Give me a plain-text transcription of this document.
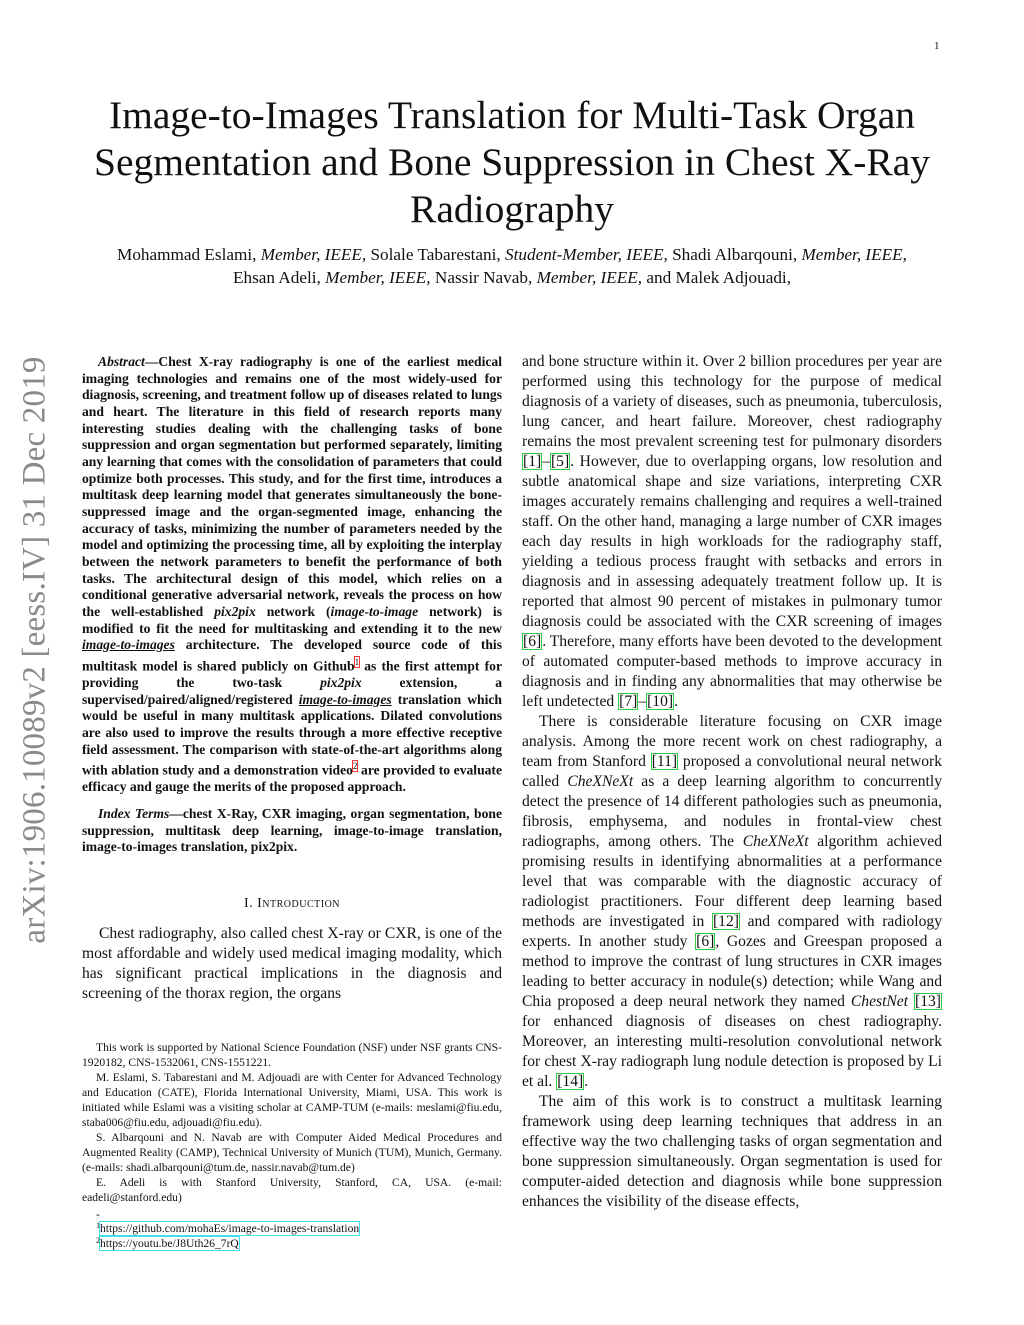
1
arXiv:1906.10089v2 [eess.IV] 31 Dec 2019
Image-to-Images Translation for Multi-Task Organ Segmentation and Bone Suppression in Chest X-Ray Radiography
Mohammad Eslami, Member, IEEE, Solale Tabarestani, Student-Member, IEEE, Shadi Albarqouni, Member, IEEE,
Ehsan Adeli, Member, IEEE, Nassir Navab, Member, IEEE, and Malek Adjouadi,

Abstract—Chest X-ray radiography is one of the earliest medical imaging technologies and remains one of the most widely-used for diagnosis, screening, and treatment follow up of diseases related to lungs and heart. The literature in this field of research reports many interesting studies dealing with the challenging tasks of bone suppression and organ segmentation but performed separately, limiting any learning that comes with the consolidation of parameters that could optimize both processes. This study, and for the first time, introduces a multitask deep learning model that generates simultaneously the bone-suppressed image and the organ-segmented image, enhancing the accuracy of tasks, minimizing the number of parameters needed by the model and optimizing the processing time, all by exploiting the interplay between the network parameters to benefit the performance of both tasks. The architectural design of this model, which relies on a conditional generative adversarial network, reveals the process on how the well-established pix2pix network (image-to-image network) is modified to fit the need for multitasking and extending it to the new image-to-images architecture. The developed source code of this multitask model is shared publicly on Github$^1$ as the first attempt for providing the two-task pix2pix extension, a supervised/paired/aligned/registered image-to-images translation which would be useful in many multitask applications. Dilated convolutions are also used to improve the results through a more effective receptive field assessment. The comparison with state-of-the-art algorithms along with ablation study and a demonstration video$^2$ are provided to evaluate efficacy and gauge the merits of the proposed approach.

Index Terms—chest X-Ray, CXR imaging, organ segmentation, bone suppression, multitask deep learning, image-to-image translation, image-to-images translation, pix2pix.

I. Introduction

Chest radiography, also called chest X-ray or CXR, is one of the most affordable and widely used medical imaging modality, which has significant practical implications in the diagnosis and screening of the thorax region, the organs

and bone structure within it. Over 2 billion procedures per year are performed using this technology for the purpose of medical diagnosis of a variety of diseases, such as pneumonia, tuberculosis, lung cancer, and heart failure. Moreover, chest radiography remains the most prevalent screening test for pulmonary disorders [1]–[5]. However, due to overlapping organs, low resolution and subtle anatomical shape and size variations, interpreting CXR images accurately remains challenging and requires a well-trained staff. On the other hand, managing a large number of CXR images each day results in high workloads for the radiography staff, yielding a tedious process fraught with setbacks and errors in diagnosis and in assessing adequately treatment follow up. It is reported that almost 90 percent of mistakes in pulmonary tumor diagnosis could be associated with the CXR screening of images [6]. Therefore, many efforts have been devoted to the development of automated computer-based methods to improve accuracy in diagnosis and in finding any abnormalities that may otherwise be left undetected [7]–[10].

There is considerable literature focusing on CXR image analysis. Among the more recent work on chest radiography, a team from Stanford [11] proposed a convolutional neural network called CheXNeXt as a deep learning algorithm to concurrently detect the presence of 14 different pathologies such as pneumonia, fibrosis, emphysema, and nodules in frontal-view chest radiographs, among others. The CheXNeXt algorithm achieved promising results in identifying abnormalities at a performance level that was comparable with the diagnostic accuracy of radiologist practitioners. Four different deep learning based methods are investigated in [12] and compared with radiology experts. In another study [6], Gozes and Greespan proposed a method to improve the contrast of lung structures in CXR images leading to better accuracy in nodule(s) detection; while Wang and Chia proposed a deep neural network they named ChestNet [13] for enhanced diagnosis of diseases on chest radiography. Moreover, an interesting multi-resolution convolutional network for chest X-ray radiograph lung nodule detection is proposed by Li et al. [14].

The aim of this work is to construct a multitask learning framework using deep learning techniques that address in an effective way the two challenging tasks of organ segmentation and bone suppression simultaneously. Organ segmentation is used for computer-aided detection and diagnosis while bone suppression enhances the visibility of the disease effects,

This work is supported by National Science Foundation (NSF) under NSF grants CNS- 1920182, CNS-1532061, CNS-1551221.

M. Eslami, S. Tabarestani and M. Adjouadi are with Center for Advanced Technology and Education (CATE), Florida International University, Miami, USA. This work is initiated while Eslami was a visiting scholar at CAMP-TUM (e-mails: meslami@fiu.edu, staba006@fiu.edu, adjouadi@fiu.edu).

S. Albarqouni and N. Navab are with Computer Aided Medical Procedures and Augmented Reality (CAMP), Technical University of Munich (TUM), Munich, Germany. (e-mails: shadi.albarqouni@tum.de, nassir.navab@tum.de)

E. Adeli is with Stanford University, Stanford, CA, USA. (e-mail: eadeli@stanford.edu)

-
1 https://github.com/mohaEs/image-to-images-translation
2 https://youtu.be/J8Uth26_7rQ
